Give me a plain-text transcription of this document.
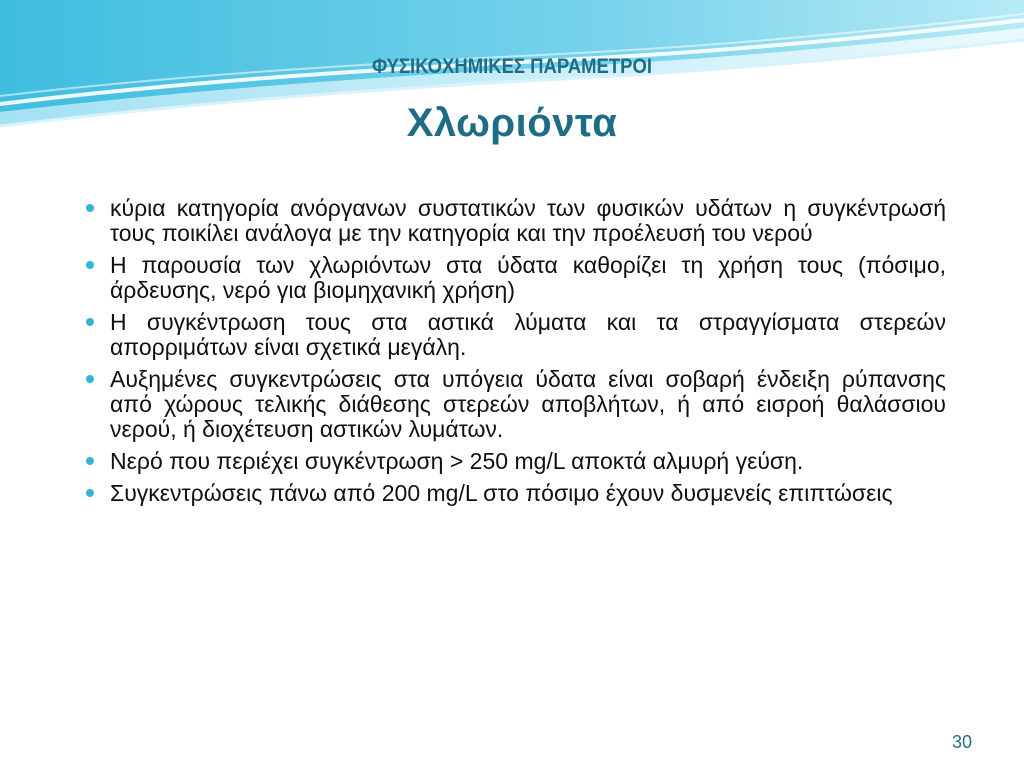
ΦΥΣΙΚΟΧΗΜΙΚΕΣ ΠΑΡΑΜΕΤΡΟΙ
Χλωριόντα
κύρια κατηγορία ανόργανων συστατικών των φυσικών υδάτων η συγκέντρωσή τους ποικίλει ανάλογα με την κατηγορία και την προέλευσή του νερού
Η παρουσία των χλωριόντων στα ύδατα καθορίζει τη χρήση τους (πόσιμο, άρδευσης, νερό για βιομηχανική χρήση)
Η συγκέντρωση τους στα αστικά λύματα και τα στραγγίσματα στερεών απορριμάτων είναι σχετικά μεγάλη.
Αυξημένες συγκεντρώσεις στα υπόγεια ύδατα είναι σοβαρή ένδειξη ρύπανσης από χώρους τελικής διάθεσης στερεών αποβλήτων, ή από εισροή θαλάσσιου νερού, ή διοχέτευση αστικών λυμάτων.
Νερό που περιέχει συγκέντρωση > 250 mg/L αποκτά αλμυρή γεύση.
Συγκεντρώσεις πάνω από 200 mg/L στο πόσιμο έχουν δυσμενείς επιπτώσεις
30
